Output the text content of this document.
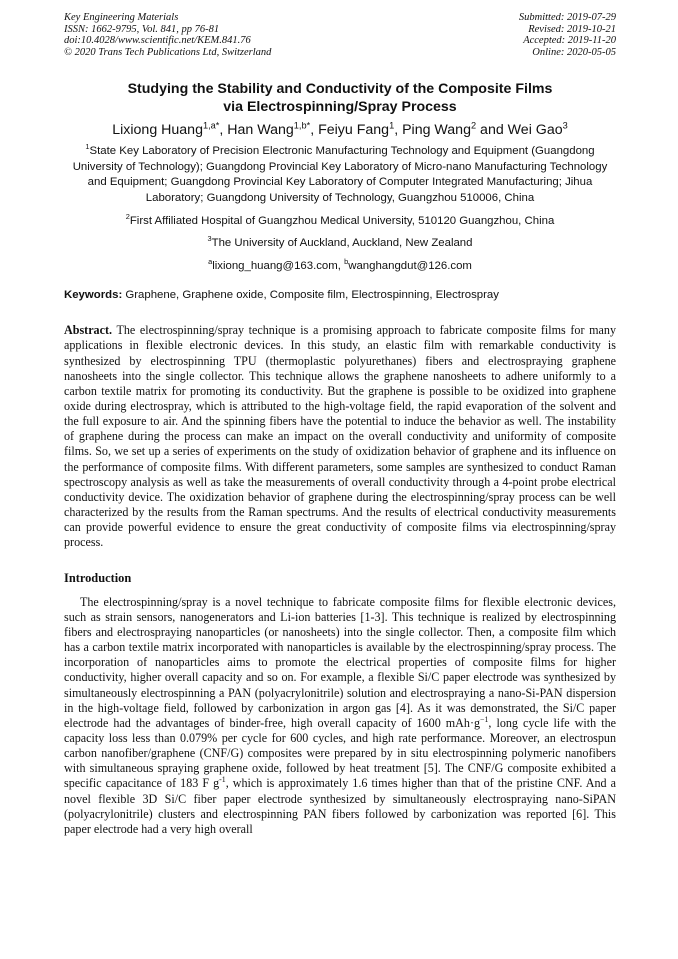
Key Engineering Materials
ISSN: 1662-9795, Vol. 841, pp 76-81
doi:10.4028/www.scientific.net/KEM.841.76
© 2020 Trans Tech Publications Ltd, Switzerland
Submitted: 2019-07-29
Revised: 2019-10-21
Accepted: 2019-11-20
Online: 2020-05-05
Studying the Stability and Conductivity of the Composite Films
via Electrospinning/Spray Process
Lixiong Huang$^{1,a*}$, Han Wang$^{1,b*}$, Feiyu Fang$^1$, Ping Wang$^2$ and Wei Gao$^3$
$^1$State Key Laboratory of Precision Electronic Manufacturing Technology and Equipment (Guangdong University of Technology); Guangdong Provincial Key Laboratory of Micro-nano Manufacturing Technology and Equipment; Guangdong Provincial Key Laboratory of Computer Integrated Manufacturing; Jihua Laboratory; Guangdong University of Technology, Guangzhou 510006, China
$^2$First Affiliated Hospital of Guangzhou Medical University, 510120 Guangzhou, China
$^3$The University of Auckland, Auckland, New Zealand
$^a$lixiong_huang@163.com, $^b$wanghangdut@126.com
Keywords: Graphene, Graphene oxide, Composite film, Electrospinning, Electrospray
Abstract. The electrospinning/spray technique is a promising approach to fabricate composite films for many applications in flexible electronic devices. In this study, an elastic film with remarkable conductivity is synthesized by electrospinning TPU (thermoplastic polyurethanes) fibers and electrospraying graphene nanosheets into the single collector. This technique allows the graphene nanosheets to adhere uniformly to a carbon textile matrix for promoting its conductivity. But the graphene is possible to be oxidized into graphene oxide during electrospray, which is attributed to the high-voltage field, the rapid evaporation of the solvent and the full exposure to air. And the spinning fibers have the potential to induce the behavior as well. The instability of graphene during the process can make an impact on the overall conductivity and uniformity of composite films. So, we set up a series of experiments on the study of oxidization behavior of graphene and its influence on the performance of composite films. With different parameters, some samples are synthesized to conduct Raman spectroscopy analysis as well as take the measurements of overall conductivity through a 4-point probe electrical conductivity device. The oxidization behavior of graphene during the electrospinning/spray process can be well characterized by the results from the Raman spectrums. And the results of electrical conductivity measurements can provide powerful evidence to ensure the great conductivity of composite films via electrospinning/spray process.
Introduction
The electrospinning/spray is a novel technique to fabricate composite films for flexible electronic devices, such as strain sensors, nanogenerators and Li-ion batteries [1-3]. This technique is realized by electrospinning fibers and electrospraying nanoparticles (or nanosheets) into the single collector. Then, a composite film which has a carbon textile matrix incorporated with nanoparticles is available by the electrospinning/spray process. The incorporation of nanoparticles aims to promote the electrical properties of composite films for higher conductivity, higher overall capacity and so on. For example, a flexible Si/C paper electrode was synthesized by simultaneously electrospinning a PAN (polyacrylonitrile) solution and electrospraying a nano-Si-PAN dispersion in the high-voltage field, followed by carbonization in argon gas [4]. As it was demonstrated, the Si/C paper electrode had the advantages of binder-free, high overall capacity of 1600 $mAh\cdot g^{-1}$, long cycle life with the capacity loss less than 0.079% per cycle for 600 cycles, and high rate performance. Moreover, an electrospun carbon nanofiber/graphene (CNF/G) composites were prepared by in situ electrospinning polymeric nanofibers with simultaneous spraying graphene oxide, followed by heat treatment [5]. The CNF/G composite exhibited a specific capacitance of 183 F $g^{-1}$, which is approximately 1.6 times higher than that of the pristine CNF. And a novel flexible 3D Si/C fiber paper electrode synthesized by simultaneously electrospraying nano-SiPAN (polyacrylonitrile) clusters and electrospinning PAN fibers followed by carbonization was reported [6]. This paper electrode had a very high overall
